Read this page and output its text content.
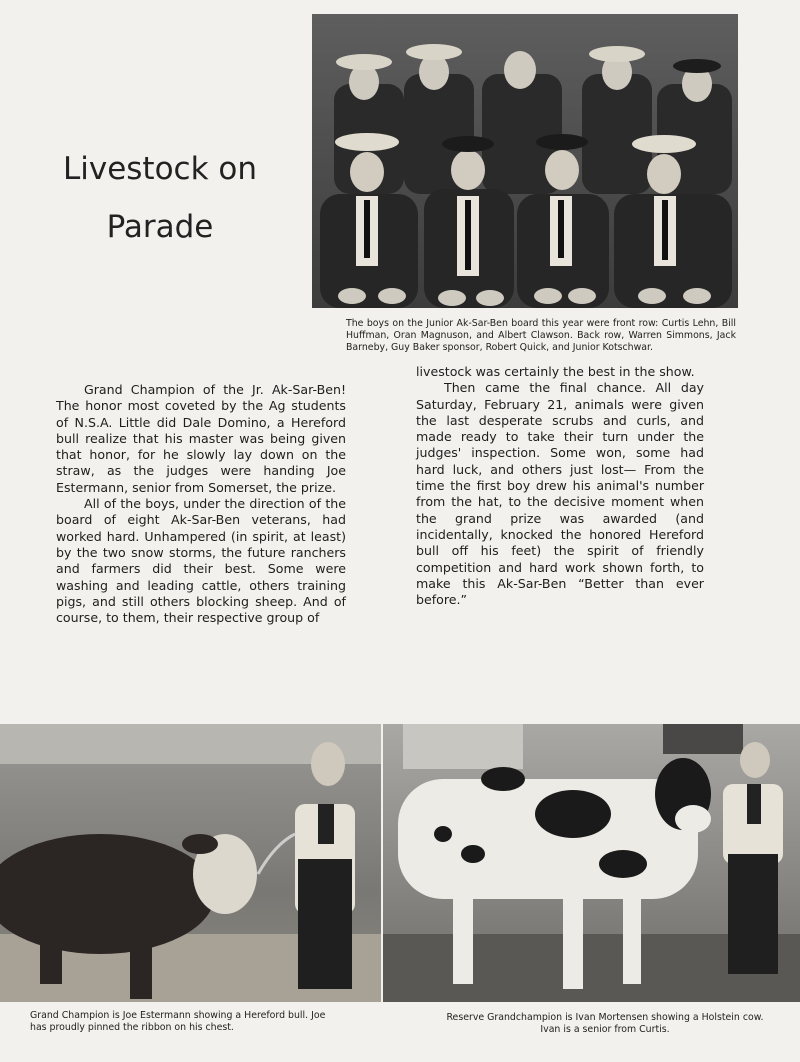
Livestock on
Parade

The boys on the Junior Ak-Sar-Ben board this year were front row: Curtis Lehn, Bill Huffman, Oran Magnuson, and Albert Clawson. Back row, Warren Simmons, Jack Barneby, Guy Baker sponsor, Robert Quick, and Junior Kotschwar.

Grand Champion of the Jr. Ak-Sar-Ben! The honor most coveted by the Ag students of N.S.A. Little did Dale Domino, a Hereford bull realize that his master was being given that honor, for he slowly lay down on the straw, as the judges were handing Joe Estermann, senior from Somerset, the prize.

All of the boys, under the direction of the board of eight Ak-Sar-Ben veterans, had worked hard. Unhampered (in spirit, at least) by the two snow storms, the future ranchers and farmers did their best. Some were washing and leading cattle, others training pigs, and still others blocking sheep. And of course, to them, their respective group of

livestock was certainly the best in the show.

Then came the final chance. All day Saturday, February 21, animals were given the last desperate scrubs and curls, and made ready to take their turn under the judges' inspection. Some won, some had hard luck, and others just lost— From the time the first boy drew his animal's number from the hat, to the decisive moment when the grand prize was awarded (and incidentally, knocked the honored Hereford bull off his feet) the spirit of friendly competition and hard work shown forth, to make this Ak-Sar-Ben “Better than ever before.”

Grand Champion is Joe Estermann showing a Hereford bull. Joe has proudly pinned the ribbon on his chest.

Reserve Grandchampion is Ivan Mortensen showing a Holstein cow. Ivan is a senior from Curtis.
